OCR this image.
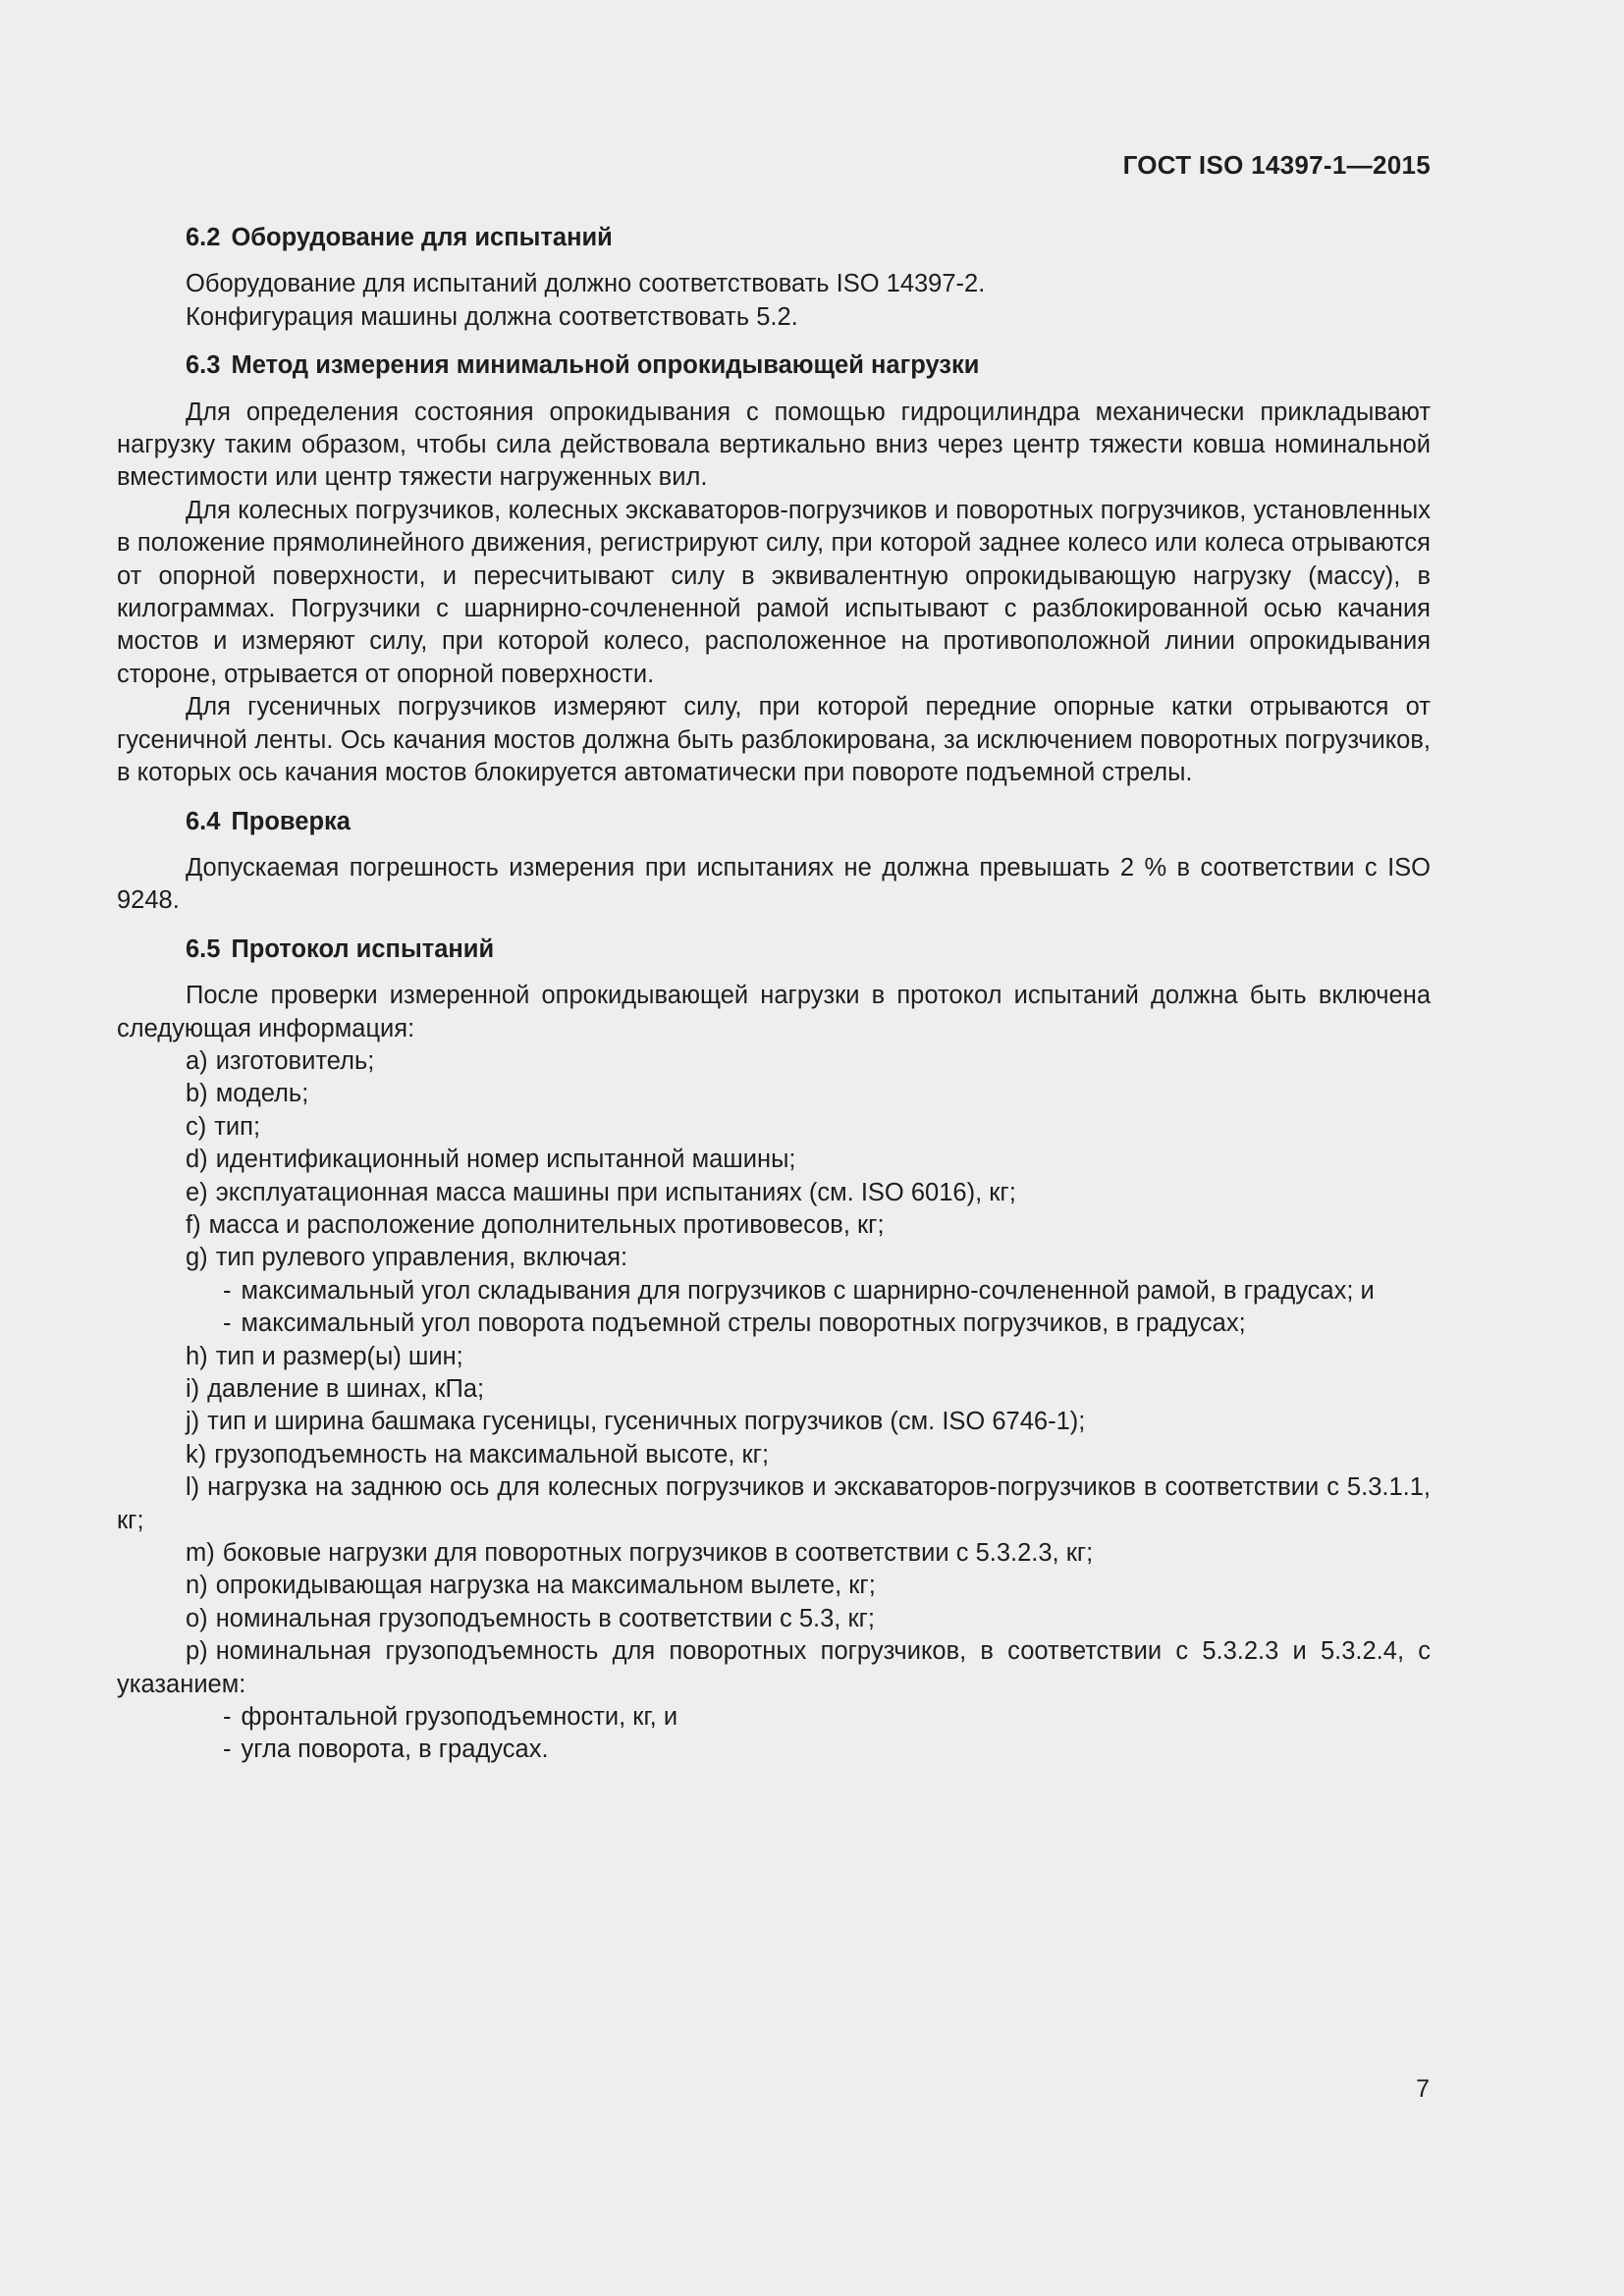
ГОСТ ISO 14397-1—2015

6.2 Оборудование для испытаний

Оборудование для испытаний должно соответствовать ISO 14397-2.

Конфигурация машины должна соответствовать 5.2.

6.3 Метод измерения минимальной опрокидывающей нагрузки

Для определения состояния опрокидывания с помощью гидроцилиндра механически прикладывают нагрузку таким образом, чтобы сила действовала вертикально вниз через центр тяжести ковша номинальной вместимости или центр тяжести нагруженных вил.

Для колесных погрузчиков, колесных экскаваторов-погрузчиков и поворотных погрузчиков, установленных в положение прямолинейного движения, регистрируют силу, при которой заднее колесо или колеса отрываются от опорной поверхности, и пересчитывают силу в эквивалентную опрокидывающую нагрузку (массу), в килограммах. Погрузчики с шарнирно-сочлененной рамой испытывают с разблокированной осью качания мостов и измеряют силу, при которой колесо, расположенное на противоположной линии опрокидывания стороне, отрывается от опорной поверхности.

Для гусеничных погрузчиков измеряют силу, при которой передние опорные катки отрываются от гусеничной ленты. Ось качания мостов должна быть разблокирована, за исключением поворотных погрузчиков, в которых ось качания мостов блокируется автоматически при повороте подъемной стрелы.

6.4 Проверка

Допускаемая погрешность измерения при испытаниях не должна превышать 2 % в соответствии с ISO 9248.

6.5 Протокол испытаний

После проверки измеренной опрокидывающей нагрузки в протокол испытаний должна быть включена следующая информация:

a) изготовитель;
b) модель;
c) тип;
d) идентификационный номер испытанной машины;
e) эксплуатационная масса машины при испытаниях (см. ISO 6016), кг;
f) масса и расположение дополнительных противовесов, кг;
g) тип рулевого управления, включая:
- максимальный угол складывания для погрузчиков с шарнирно-сочлененной рамой, в градусах; и
- максимальный угол поворота подъемной стрелы поворотных погрузчиков, в градусах;
h) тип и размер(ы) шин;
i) давление в шинах, кПа;
j) тип и ширина башмака гусеницы, гусеничных погрузчиков (см. ISO 6746-1);
k) грузоподъемность на максимальной высоте, кг;
l) нагрузка на заднюю ось для колесных погрузчиков и экскаваторов-погрузчиков в соответствии с 5.3.1.1, кг;
m) боковые нагрузки для поворотных погрузчиков в соответствии с 5.3.2.3, кг;
n) опрокидывающая нагрузка на максимальном вылете, кг;
o) номинальная грузоподъемность в соответствии с 5.3, кг;
p) номинальная грузоподъемность для поворотных погрузчиков, в соответствии с 5.3.2.3 и 5.3.2.4, с указанием:
- фронтальной грузоподъемности, кг, и
- угла поворота, в градусах.
7
